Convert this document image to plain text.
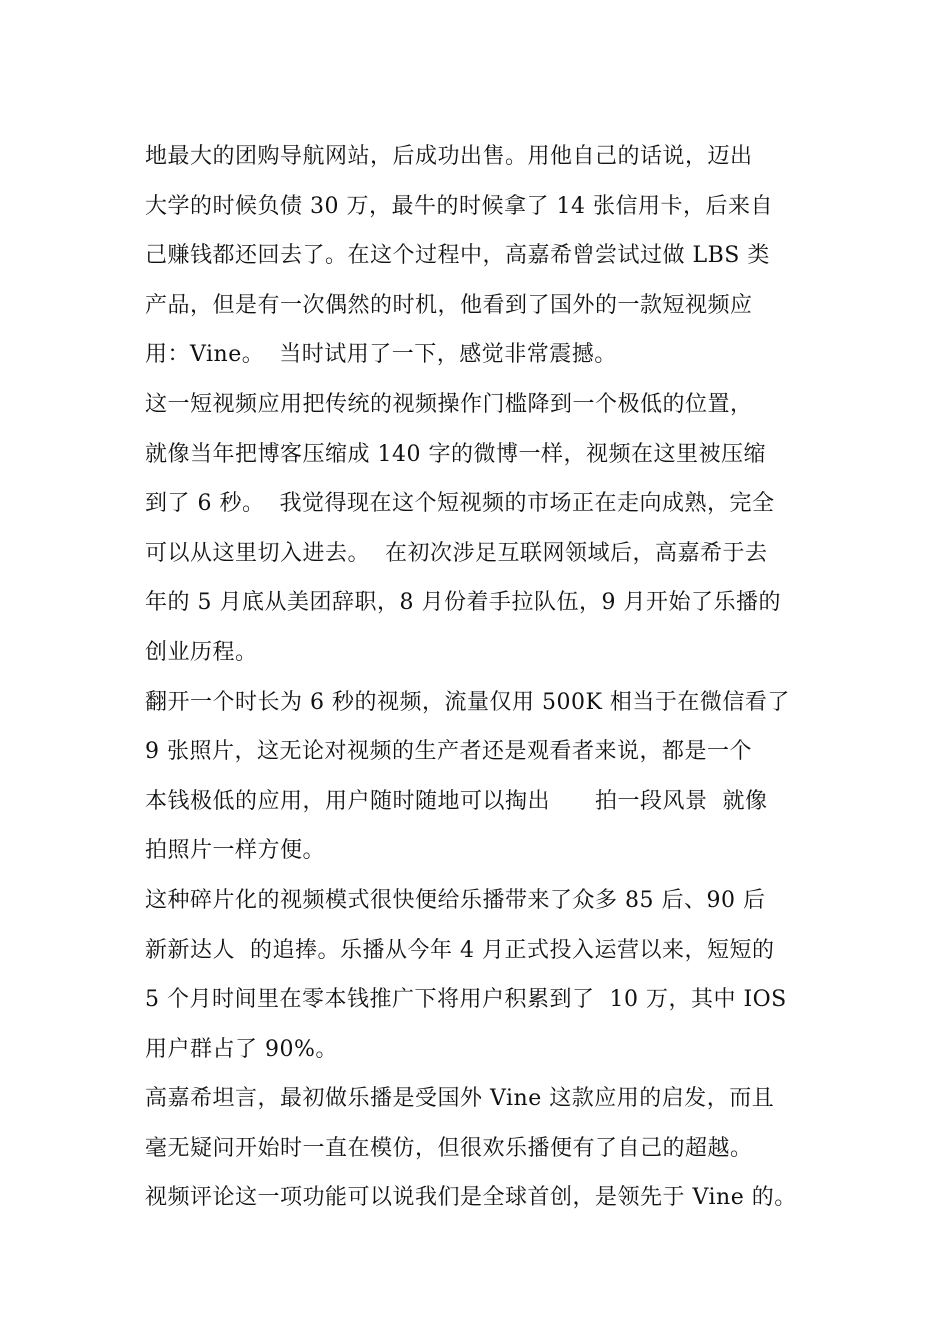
地最大的团购导航网站，后成功出售。用他自己的话说，迈出
大学的时候负债 30 万，最牛的时候拿了 14 张信用卡，后来自
己赚钱都还回去了。在这个过程中，高嘉希曾尝试过做 LBS 类
产品，但是有一次偶然的时机，他看到了国外的一款短视频应
用：Vine。  当时试用了一下，感觉非常震撼。
这一短视频应用把传统的视频操作门槛降到一个极低的位置，
就像当年把博客压缩成 140 字的微博一样，视频在这里被压缩
到了 6 秒。  我觉得现在这个短视频的市场正在走向成熟，完全
可以从这里切入进去。  在初次涉足互联网领域后，高嘉希于去
年的 5 月底从美团辞职，8 月份着手拉队伍，9 月开始了乐播的
创业历程。
翻开一个时长为 6 秒的视频，流量仅用 500K 相当于在微信看了
9 张照片，这无论对视频的生产者还是观看者来说，都是一个
本钱极低的应用，用户随时随地可以掏出      拍一段风景  就像
拍照片一样方便。
这种碎片化的视频模式很快便给乐播带来了众多 85 后、90 后
新新达人  的追捧。乐播从今年 4 月正式投入运营以来，短短的
5 个月时间里在零本钱推广下将用户积累到了  10 万，其中 IOS
用户群占了 90%。
高嘉希坦言，最初做乐播是受国外 Vine 这款应用的启发，而且
毫无疑问开始时一直在模仿，但很欢乐播便有了自己的超越。
视频评论这一项功能可以说我们是全球首创，是领先于 Vine 的。
